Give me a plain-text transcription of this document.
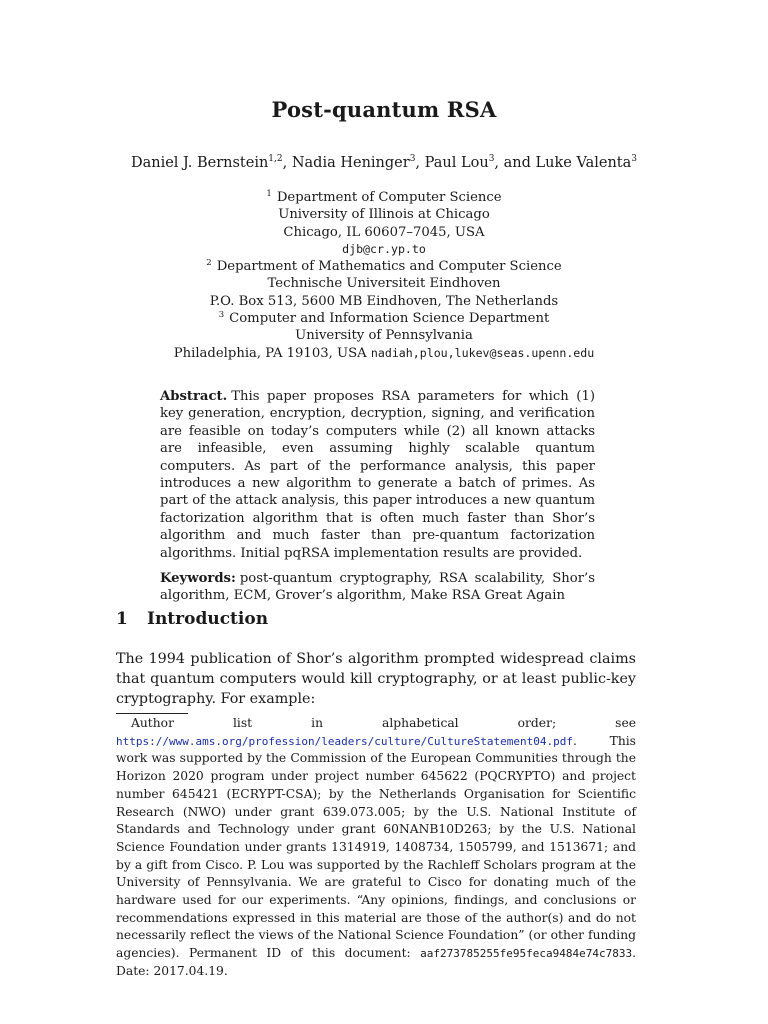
Post-quantum RSA
Daniel J. Bernstein$^{1,2}$, Nadia Heninger$^3$, Paul Lou$^3$, and Luke Valenta$^3$
$^1$ Department of Computer Science
University of Illinois at Chicago
Chicago, IL 60607–7045, USA
djb@cr.yp.to
$^2$ Department of Mathematics and Computer Science
Technische Universiteit Eindhoven
P.O. Box 513, 5600 MB Eindhoven, The Netherlands
$^3$ Computer and Information Science Department
University of Pennsylvania
Philadelphia, PA 19103, USA nadiah,plou,lukev@seas.upenn.edu

Abstract. This paper proposes RSA parameters for which (1) key generation, encryption, decryption, signing, and verification are feasible on today’s computers while (2) all known attacks are infeasible, even assuming highly scalable quantum computers. As part of the performance analysis, this paper introduces a new algorithm to generate a batch of primes. As part of the attack analysis, this paper introduces a new quantum factorization algorithm that is often much faster than Shor’s algorithm and much faster than pre-quantum factorization algorithms. Initial pqRSA implementation results are provided.

Keywords: post-quantum cryptography, RSA scalability, Shor’s algorithm, ECM, Grover’s algorithm, Make RSA Great Again

1 Introduction

The 1994 publication of Shor’s algorithm prompted widespread claims that quantum computers would kill cryptography, or at least public-key cryptography. For example:

Author list in alphabetical order; see https://www.ams.org/profession/leaders/culture/CultureStatement04.pdf. This work was supported by the Commission of the European Communities through the Horizon 2020 program under project number 645622 (PQCRYPTO) and project number 645421 (ECRYPT-CSA); by the Netherlands Organisation for Scientific Research (NWO) under grant 639.073.005; by the U.S. National Institute of Standards and Technology under grant 60NANB10D263; by the U.S. National Science Foundation under grants 1314919, 1408734, 1505799, and 1513671; and by a gift from Cisco. P. Lou was supported by the Rachleff Scholars program at the University of Pennsylvania. We are grateful to Cisco for donating much of the hardware used for our experiments. “Any opinions, findings, and conclusions or recommendations expressed in this material are those of the author(s) and do not necessarily reflect the views of the National Science Foundation” (or other funding agencies). Permanent ID of this document: aaf273785255fe95feca9484e74c7833. Date: 2017.04.19.
